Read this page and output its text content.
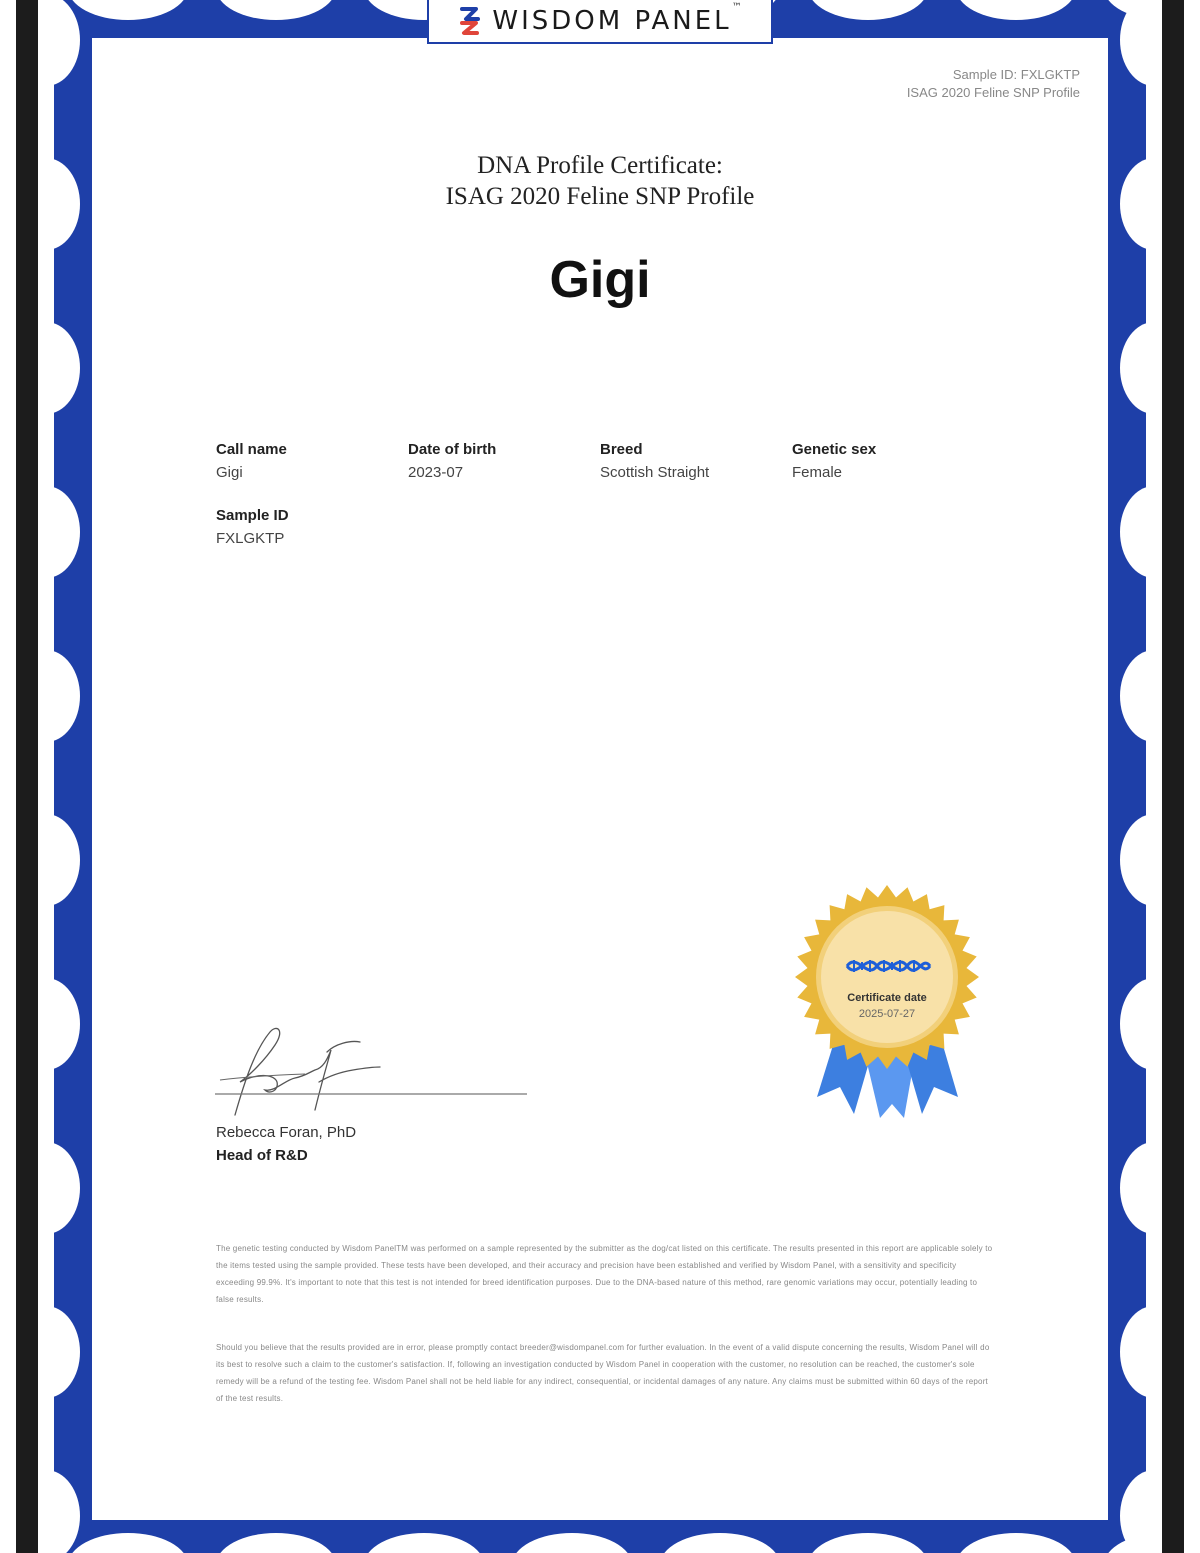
WISDOM PANEL™
Sample ID: FXLGKTP
ISAG 2020 Feline SNP Profile
DNA Profile Certificate:
ISAG 2020 Feline SNP Profile
Gigi
Call name
Gigi
Date of birth
2023-07
Breed
Scottish Straight
Genetic sex
Female
Sample ID
FXLGKTP
Rebecca Foran, PhD
Head of R&D
Certificate date
2025-07-27
The genetic testing conducted by Wisdom PanelTM was performed on a sample represented by the submitter as the dog/cat listed on this certificate. The results presented in this report are applicable solely to the items tested using the sample provided. These tests have been developed, and their accuracy and precision have been established and verified by Wisdom Panel, with a sensitivity and specificity exceeding 99.9%. It's important to note that this test is not intended for breed identification purposes. Due to the DNA-based nature of this method, rare genomic variations may occur, potentially leading to false results.
Should you believe that the results provided are in error, please promptly contact breeder@wisdompanel.com for further evaluation. In the event of a valid dispute concerning the results, Wisdom Panel will do its best to resolve such a claim to the customer's satisfaction. If, following an investigation conducted by Wisdom Panel in cooperation with the customer, no resolution can be reached, the customer's sole remedy will be a refund of the testing fee. Wisdom Panel shall not be held liable for any indirect, consequential, or incidental damages of any nature. Any claims must be submitted within 60 days of the report of the test results.
